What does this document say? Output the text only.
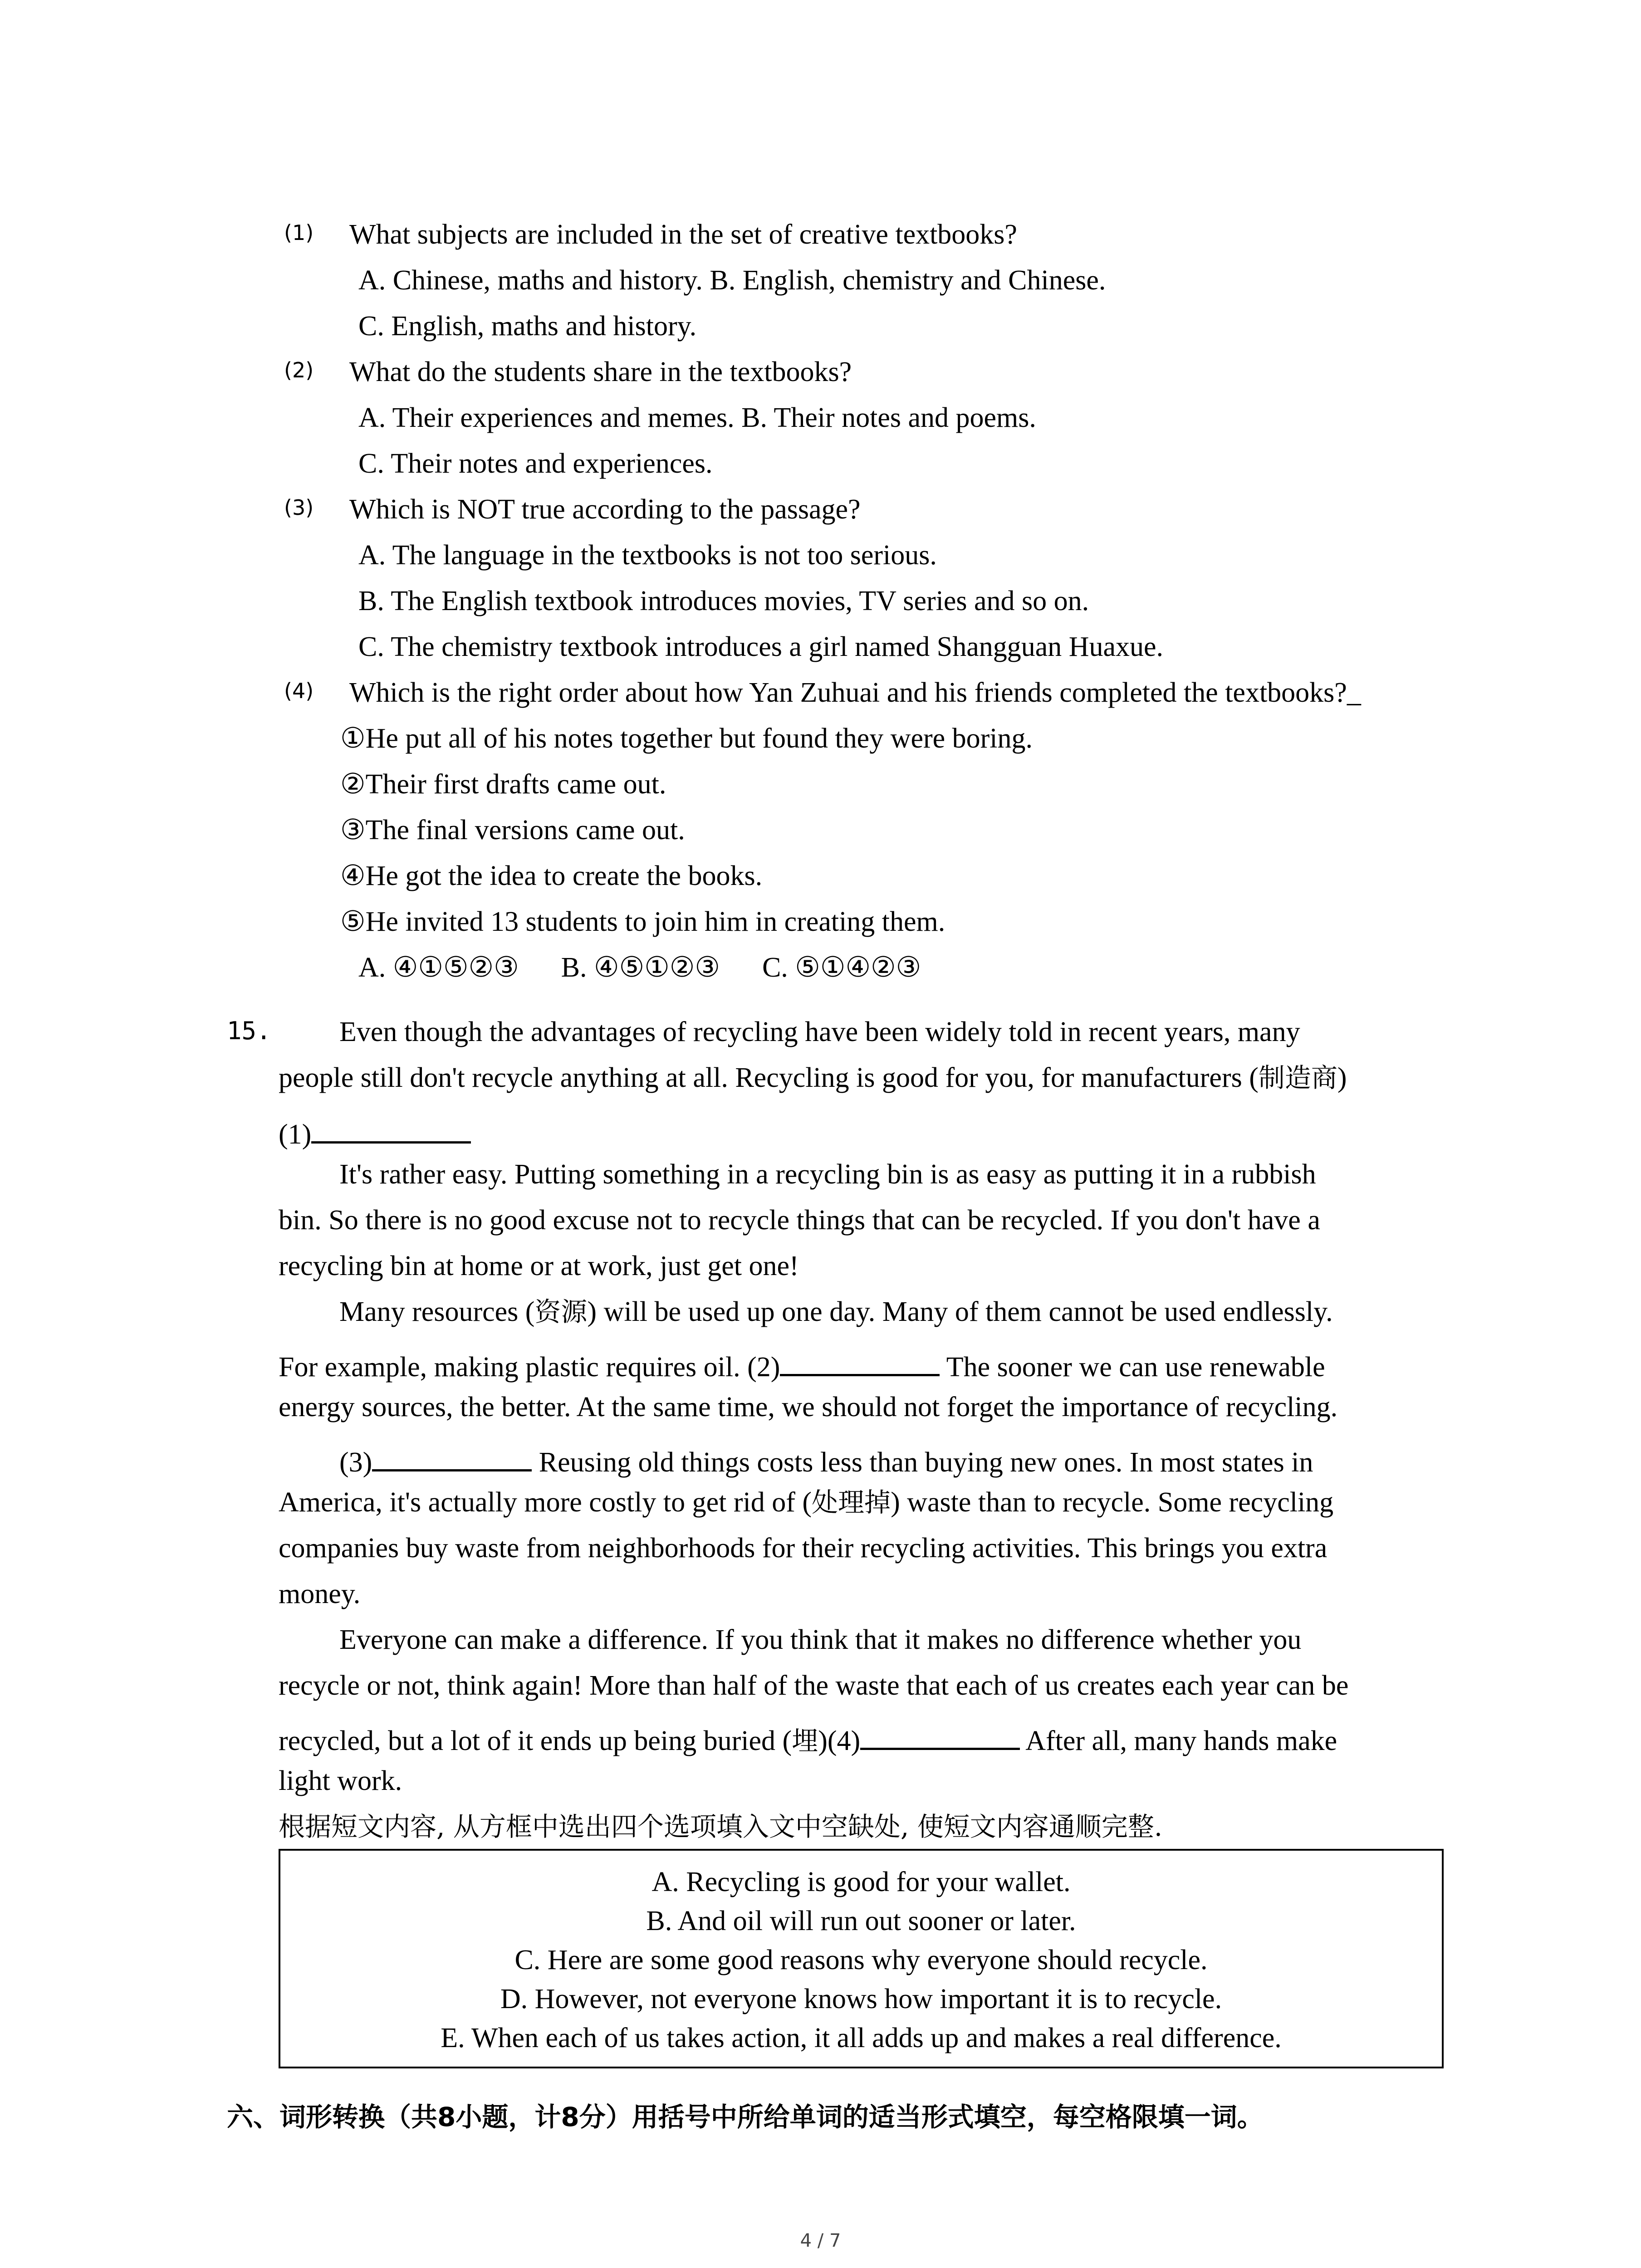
(1) What subjects are included in the set of creative textbooks?
A. Chinese, maths and history. B. English, chemistry and Chinese.
C. English, maths and history.
(2) What do the students share in the textbooks?
A. Their experiences and memes. B. Their notes and poems.
C. Their notes and experiences.
(3) Which is NOT true according to the passage?
A. The language in the textbooks is not too serious.
B. The English textbook introduces movies, TV series and so on.
C. The chemistry textbook introduces a girl named Shangguan Huaxue.
(4) Which is the right order about how Yan Zuhuai and his friends completed the textbooks?_
①He put all of his notes together but found they were boring.
②Their first drafts came out.
③The final versions came out.
④He got the idea to create the books.
⑤He invited 13 students to join him in creating them.
A. ④①⑤②③      B. ④⑤①②③      C. ⑤①④②③
15. Even though the advantages of recycling have been widely told in recent years, many
people still don't recycle anything at all. Recycling is good for you, for manufacturers (制造商)
(1)
It's rather easy. Putting something in a recycling bin is as easy as putting it in a rubbish
bin. So there is no good excuse not to recycle things that can be recycled. If you don't have a
recycling bin at home or at work, just get one!
Many resources (资源) will be used up one day. Many of them cannot be used endlessly.
For example, making plastic requires oil. (2)	The sooner we can use renewable
energy sources, the better. At the same time, we should not forget the importance of recycling.
(3)	Reusing old things costs less than buying new ones. In most states in
America, it's actually more costly to get rid of (处理掉) waste than to recycle. Some recycling
companies buy waste from neighborhoods for their recycling activities. This brings you extra
money.
Everyone can make a difference. If you think that it makes no difference whether you
recycle or not, think again! More than half of the waste that each of us creates each year can be
recycled, but a lot of it ends up being buried (埋)(4)	After all, many hands make
light work.
根据短文内容, 从方框中选出四个选项填入文中空缺处, 使短文内容通顺完整.
A. Recycling is good for your wallet.
B. And oil will run out sooner or later.
C. Here are some good reasons why everyone should recycle.
D. However, not everyone knows how important it is to recycle.
E. When each of us takes action, it all adds up and makes a real difference.
六、词形转换（共8小题，计8分）用括号中所给单词的适当形式填空，每空格限填一词。
4 / 7
